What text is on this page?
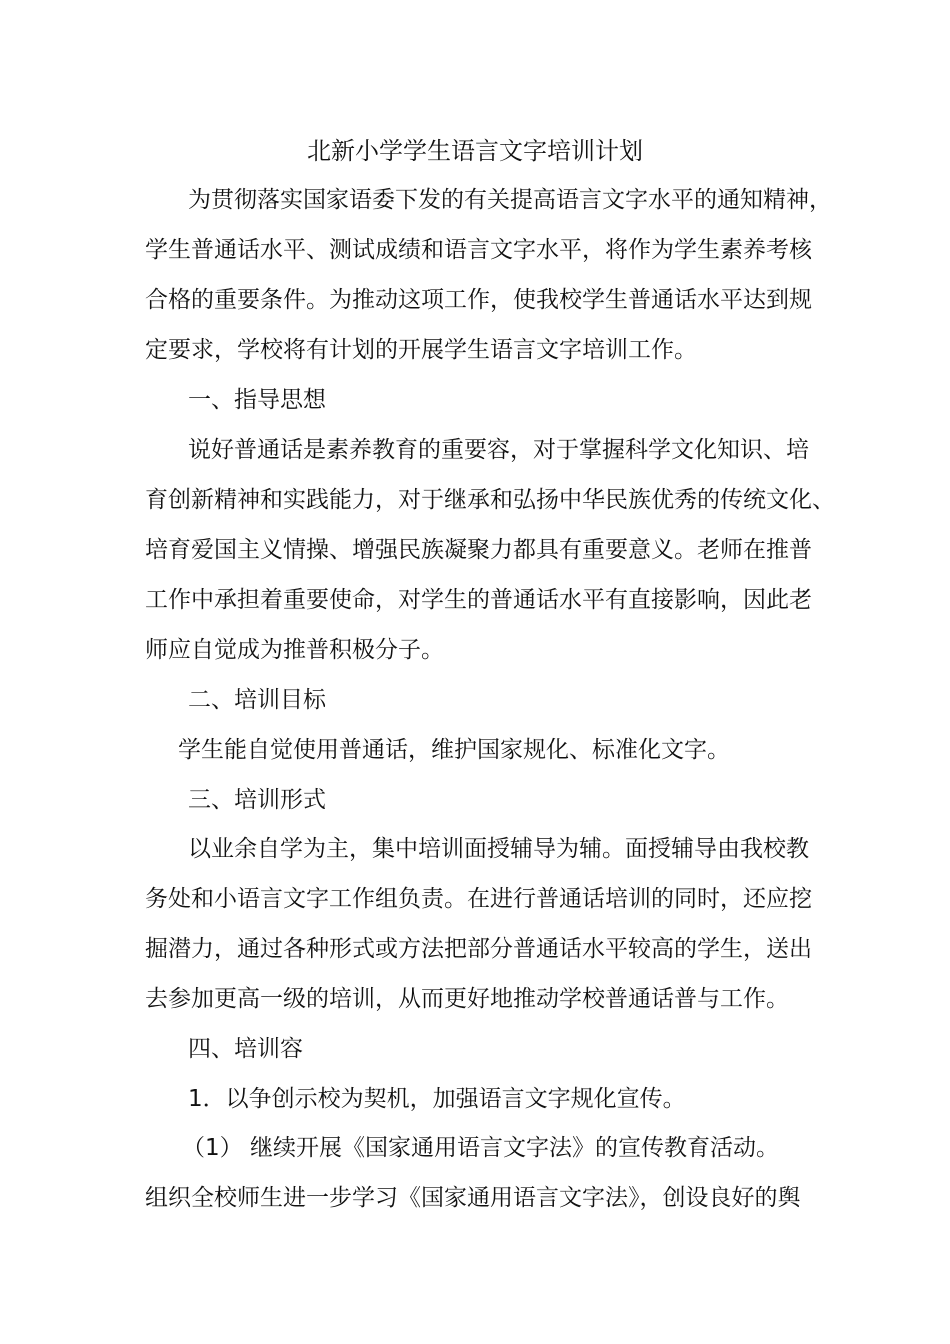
北新小学学生语言文字培训计划
为贯彻落实国家语委下发的有关提高语言文字水平的通知精神，
学生普通话水平、测试成绩和语言文字水平，将作为学生素养考核
合格的重要条件。为推动这项工作，使我校学生普通话水平达到规
定要求，学校将有计划的开展学生语言文字培训工作。
一、指导思想
说好普通话是素养教育的重要容，对于掌握科学文化知识、培
育创新精神和实践能力，对于继承和弘扬中华民族优秀的传统文化、
培育爱国主义情操、增强民族凝聚力都具有重要意义。老师在推普
工作中承担着重要使命，对学生的普通话水平有直接影响，因此老
师应自觉成为推普积极分子。
二、培训目标
学生能自觉使用普通话，维护国家规化、标准化文字。
三、培训形式
以业余自学为主，集中培训面授辅导为辅。面授辅导由我校教
务处和小语言文字工作组负责。在进行普通话培训的同时，还应挖
掘潜力，通过各种形式或方法把部分普通话水平较高的学生，送出
去参加更高一级的培训，从而更好地推动学校普通话普与工作。
四、培训容
1．以争创示校为契机，加强语言文字规化宣传。
（1） 继续开展《国家通用语言文字法》的宣传教育活动。
组织全校师生进一步学习《国家通用语言文字法》，创设良好的舆
